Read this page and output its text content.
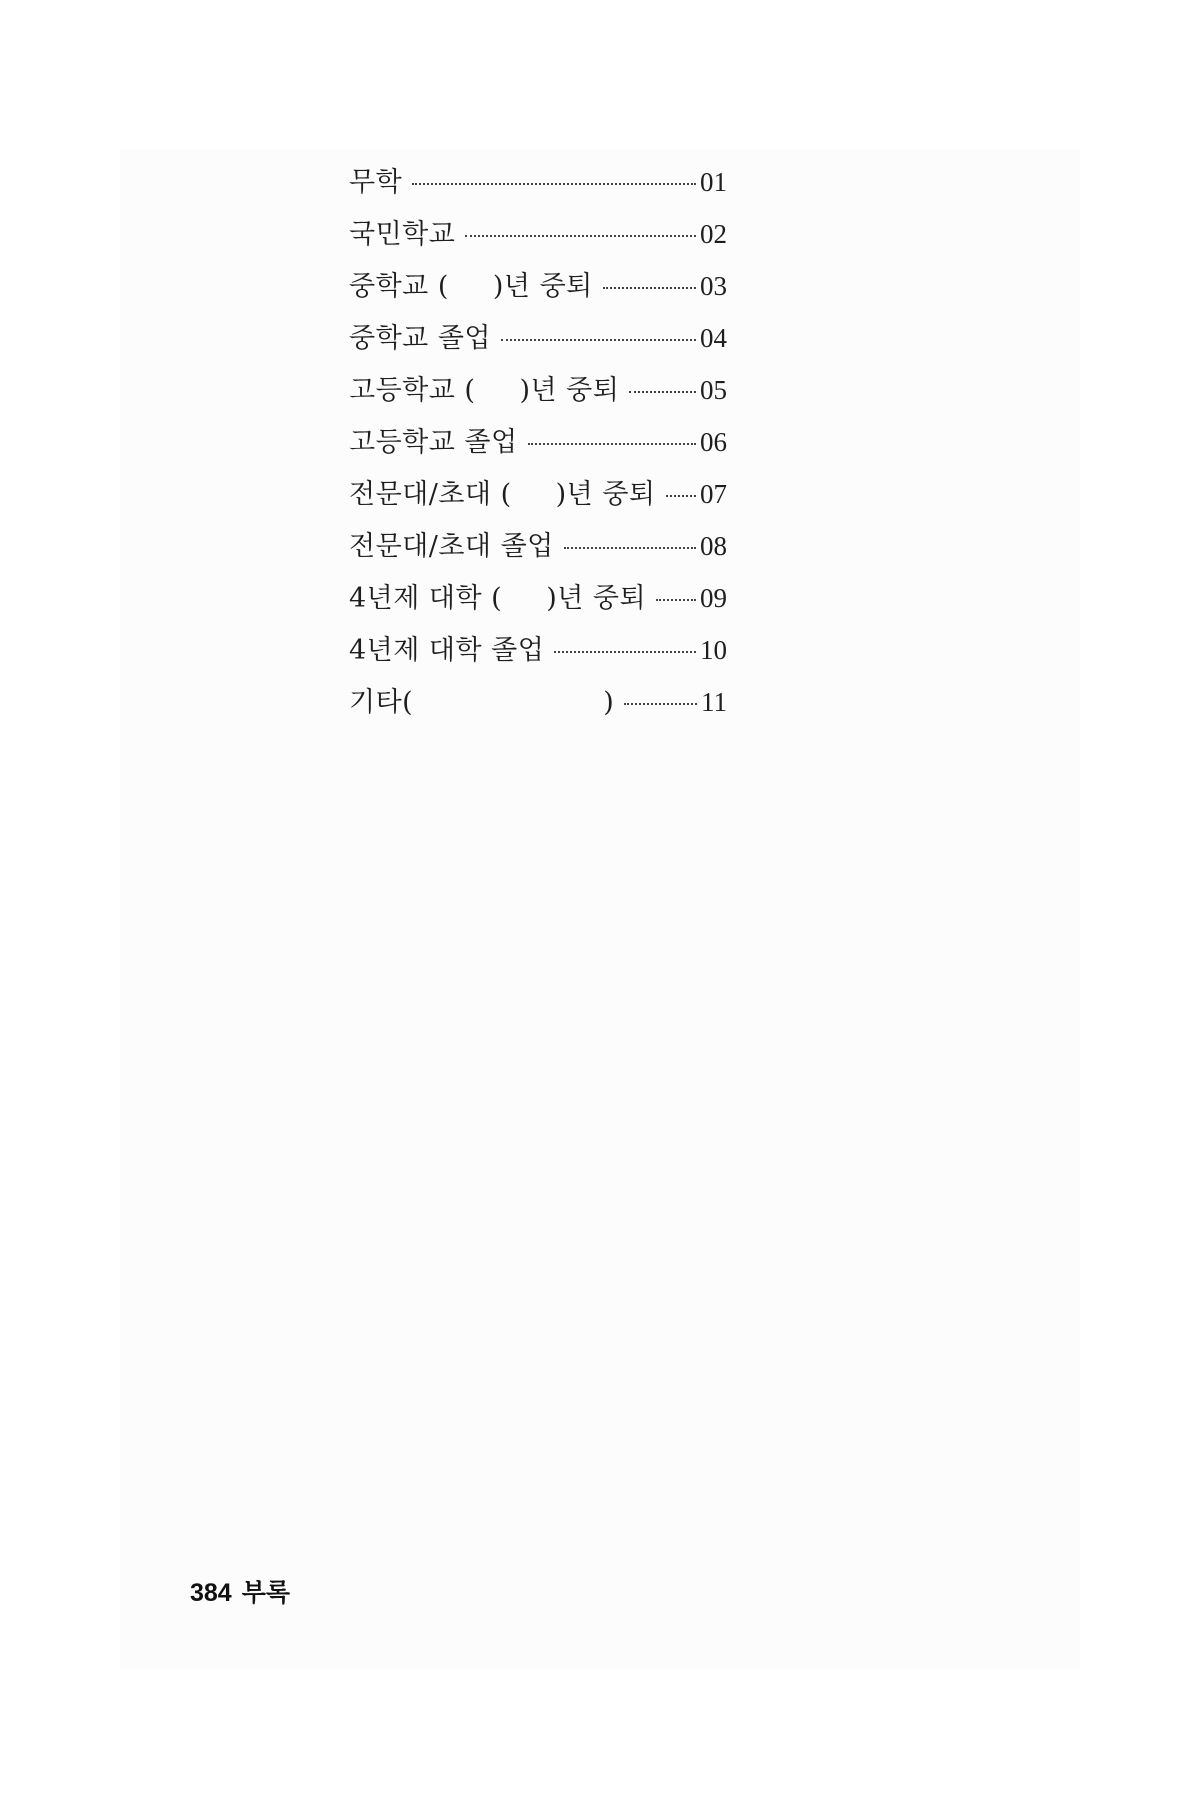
무학	01
국민학교	02
중학교 ( )년 중퇴	03
중학교 졸업	04
고등학교 ( )년 중퇴	05
고등학교 졸업	06
전문대/초대 ( )년 중퇴 07
전문대/초대 졸업	08
4년제 대학 ( )년 중퇴 09
4년제 대학 졸업	10
기타(	)	11
384 부록
